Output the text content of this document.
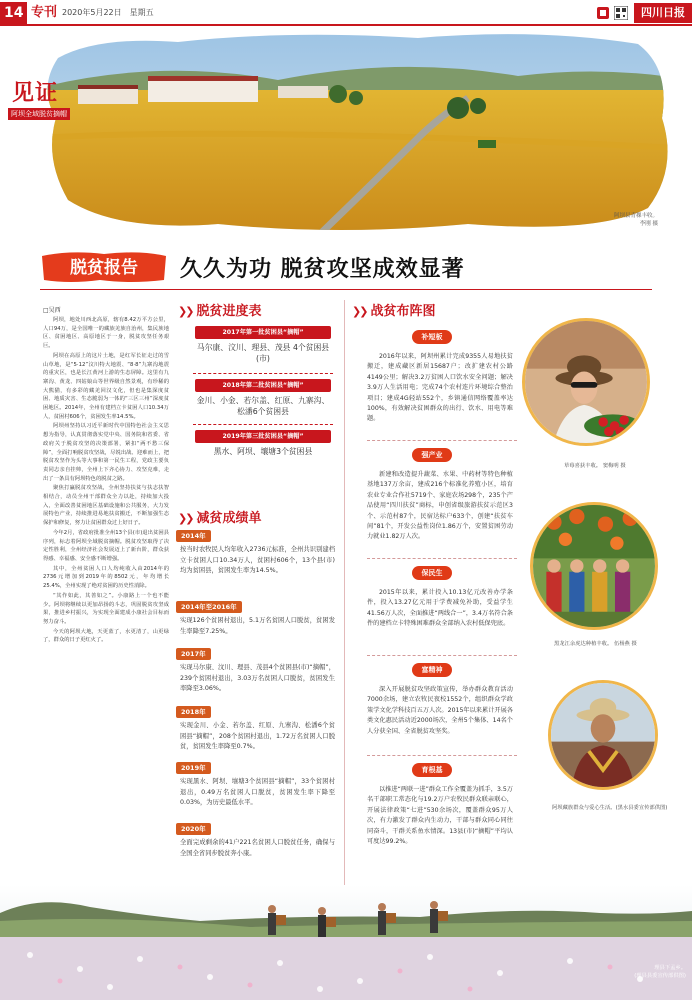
14 专刊 2020年5月22日 星期五	四川日报
见证
阿坝全域脱贫摘帽
阿坝县青稞丰收。
李刚 摄
脱贫报告 久久为功 脱贫攻坚成效显著
□吴西

阿坝，地处川西北高原，辖有8.42万平方公里，人口94万，是全国唯一的藏族羌族自治州，集民族地区、贫困地区、高原地区于一身，脱贫攻坚任务艰巨。

阿坝在高原上的这片土地，是红军长征走过的雪山草地，是“5·12”汶川特大地震、“8·8”九寨沟地震的重灾区，也是长江黄河上游的生态屏障。这里有九寨沟、黄龙、四姑娘山等世界级自然景观，有珍稀的大熊猫，有多彩的藏羌回汉文化，但也是集深度贫困、地质灾害、生态脆弱为一体的“三区三州”深度贫困地区。2014年，全州有建档立卡贫困人口10.34万人，贫困村606个，贫困发生率14.5%。

阿坝州坚持以习近平新时代中国特色社会主义思想为指导，认真贯彻落实党中央、国务院和省委、省政府关于脱贫攻坚的决策部署，紧扣“两不愁三保障”，全面打响脱贫攻坚战，尽锐出战、迎难而上，把脱贫攻坚作为头等大事和第一民生工程，党政主要负责同志亲自挂帅，全州上下齐心协力、攻坚克难，走出了一条具有阿坝特色的脱贫之路。

聚焦打赢脱贫攻坚战，全州坚持扶贫与扶志扶智相结合，动员全州干部群众全力以赴，持续加大投入，全面改善贫困地区基础设施和公共服务，大力发展特色产业，持续推进易地扶贫搬迁，不断加强生态保护和修复，努力让贫困群众过上好日子。

今年2月，省政府批准全州13个县(市)退出贫困县序列，标志着阿坝全域脱贫摘帽。脱贫攻坚取得了决定性胜利，全州经济社会发展迈上了新台阶，群众获得感、幸福感、安全感不断增强。

其中，全州贫困人口人均纯收入由2014年的2736元增加到2019年的8502元，年均增长25.4%，全州实现了绝对贫困的历史性消除。

“其作如此，其善如之”。小康路上一个也不能少。阿坝将继续以更加昂扬的斗志，巩固脱贫攻坚成果，推进乡村振兴，为实现全面建成小康社会目标而努力奋斗。

今天的阿坝大地，天更蓝了，水更清了，山更绿了，群众的日子更红火了。

❯❯ 脱贫进度表
2017年第一批贫困县“摘帽”
马尔康、汶川、理县、茂县 4个贫困县(市)
2018年第二批贫困县“摘帽”
金川、小金、若尔盖、红原、九寨沟、松潘6个贫困县
2019年第三批贫困县“摘帽”
黑水、阿坝、壤塘3个贫困县
❯❯ 减贫成绩单
2014年
按当时农牧民人均年收入2736元标准，全州共识别建档立卡贫困人口10.34万人，贫困村606个，13个县(市)均为贫困县，贫困发生率为14.5%。
2014年至2016年
实现126个贫困村退出，5.1万名贫困人口脱贫，贫困发生率降至7.25%。
2017年
实现马尔康、汶川、理县、茂县4个贫困县(市)“摘帽”，239个贫困村退出，3.03万名贫困人口脱贫，贫困发生率降至3.06%。
2018年
实现金川、小金、若尔盖、红原、九寨沟、松潘6个贫困县“摘帽”，208个贫困村退出，1.72万名贫困人口脱贫，贫困发生率降至0.7%。
2019年
实现黑水、阿坝、壤塘3个贫困县“摘帽”，33个贫困村退出，0.49万名贫困人口脱贫，贫困发生率下降至0.03%，为历史最低水平。
2020年
全面完成剩余的41户221名贫困人口脱贫任务，确保与全国全省同步脱贫奔小康。
❯❯ 战贫布阵图
补短板

2016年以来，阿坝州累计完成9355人易地扶贫搬迁，建成藏区新居15687户；改扩建农村公路4149公里；解决3.2万贫困人口饮水安全问题；解决3.9万人生活用电；完成74个农村连片环境综合整治项目；建成4G轻站552个，乡镇通信网络覆盖率达100%，有效解决贫困群众的出行、饮水、用电等难题。

强产业

新建和改造提升蔬菜、水果、中药材等特色种植基地137万余亩，建成216个标准化养殖小区，培育农业专业合作社5719个、家庭农场298个，235个产品使用“四川扶贫”商标，申创省级旅游扶贫示范区3个、示范村87个，民宿达标户633个，创建“扶贫车间”81个，开发公益性岗位1.86万个，安置贫困劳动力就业1.82万人次。

保民生

2015年以来，累计投入10.13亿元改善办学条件，投入13.27亿元用于学费减免补助，受益学生41.56万人次，全面推进“两线合一”，3.4万名符合条件的建档立卡特殊困难群众全部纳入农村低保兜底。

富精神

深入开展脱贫攻坚政策宣传，举办群众教育活动7000余场，建立农牧民夜校1552个，组织群众学政策学文化学科技百五万人次。2015年以来累计开展各类文化惠民活动近2000场次，全州5个集体、14名个人分获全国、全省脱贫攻坚奖。

育根基

以推进“两联一进”群众工作全覆盖为抓手，3.5万名干部职工常态化与19.2万户农牧民群众联亲联心，开展法律政策“七进”530余场次，覆盖群众95万人次，有力激发了群众内生动力，干部与群众同心同往同奋斗，干群关系鱼水情深。13县(市)“摘帽”平均认可度达99.2%。

草莓喜获丰收。 窦梅明 摄
黑龙江余虎达种植丰收。 伍杨燕 摄
阿坝藏族群众与爱心生活。(黑水县委宣传部供图)
理县下孟乡。
(理县县委宣传部供图)
